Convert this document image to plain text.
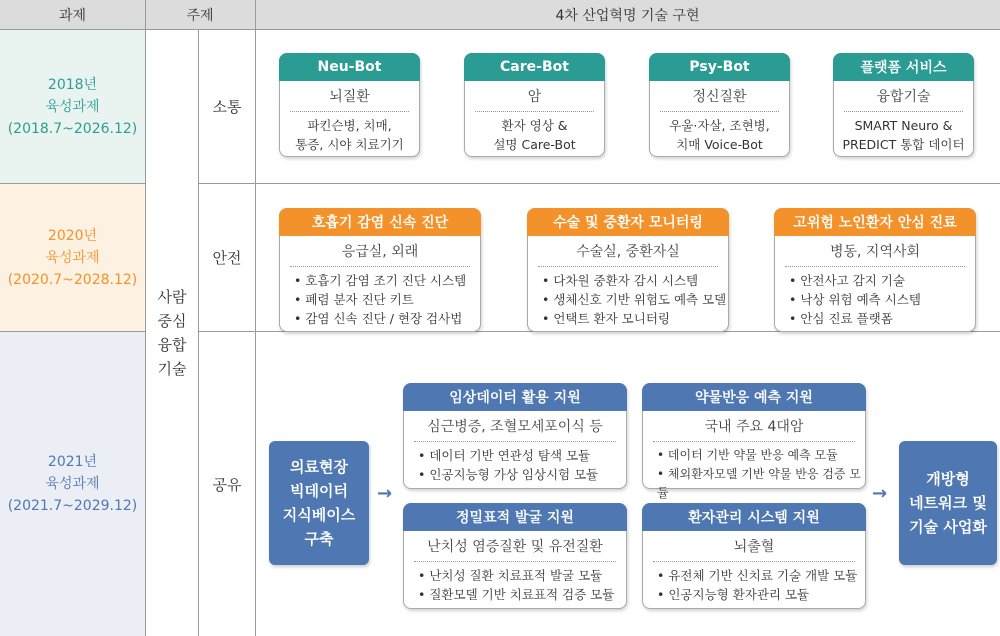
과제	주제	4차 산업혁명 기술 구현
2018년
육성과제
(2018.7~2026.12)
2020년
육성과제
(2020.7~2028.12)
2021년
육성과제
(2021.7~2029.12)
사람
중심
융합
기술
소통
안전
공유
Neu-Bot
뇌질환
파킨슨병, 치매,
통증, 시야 치료기기
Care-Bot
암
환자 영상 &
설명 Care-Bot
Psy-Bot
정신질환
우울·자살, 조현병,
치매 Voice-Bot
플랫폼 서비스
융합기술
SMART Neuro &
PREDICT 통합 데이터
호흡기 감염 신속 진단
응급실, 외래
• 호흡기 감염 조기 진단 시스템
• 폐렴 분자 진단 키트
• 감염 신속 진단 / 현장 검사법
수술 및 중환자 모니터링
수술실, 중환자실
• 다차원 중환자 감시 시스템
• 생체신호 기반 위험도 예측 모델
• 언택트 환자 모니터링
고위험 노인환자 안심 진료
병동, 지역사회
• 안전사고 감지 기술
• 낙상 위험 예측 시스템
• 안심 진료 플랫폼
의료현장
빅데이터
지식베이스
구축
→
임상데이터 활용 지원
심근병증, 조혈모세포이식 등
• 데이터 기반 연관성 탐색 모듈
• 인공지능형 가상 임상시험 모듈
약물반응 예측 지원
국내 주요 4대암
• 데이터 기반 약물 반응 예측 모듈
• 체외환자모델 기반 약물 반응 검증 모듈
정밀표적 발굴 지원
난치성 염증질환 및 유전질환
• 난치성 질환 치료표적 발굴 모듈
• 질환모델 기반 치료표적 검증 모듈
환자관리 시스템 지원
뇌출혈
• 유전체 기반 신치료 기술 개발 모듈
• 인공지능형 환자관리 모듈
→
개방형
네트워크 및
기술 사업화
